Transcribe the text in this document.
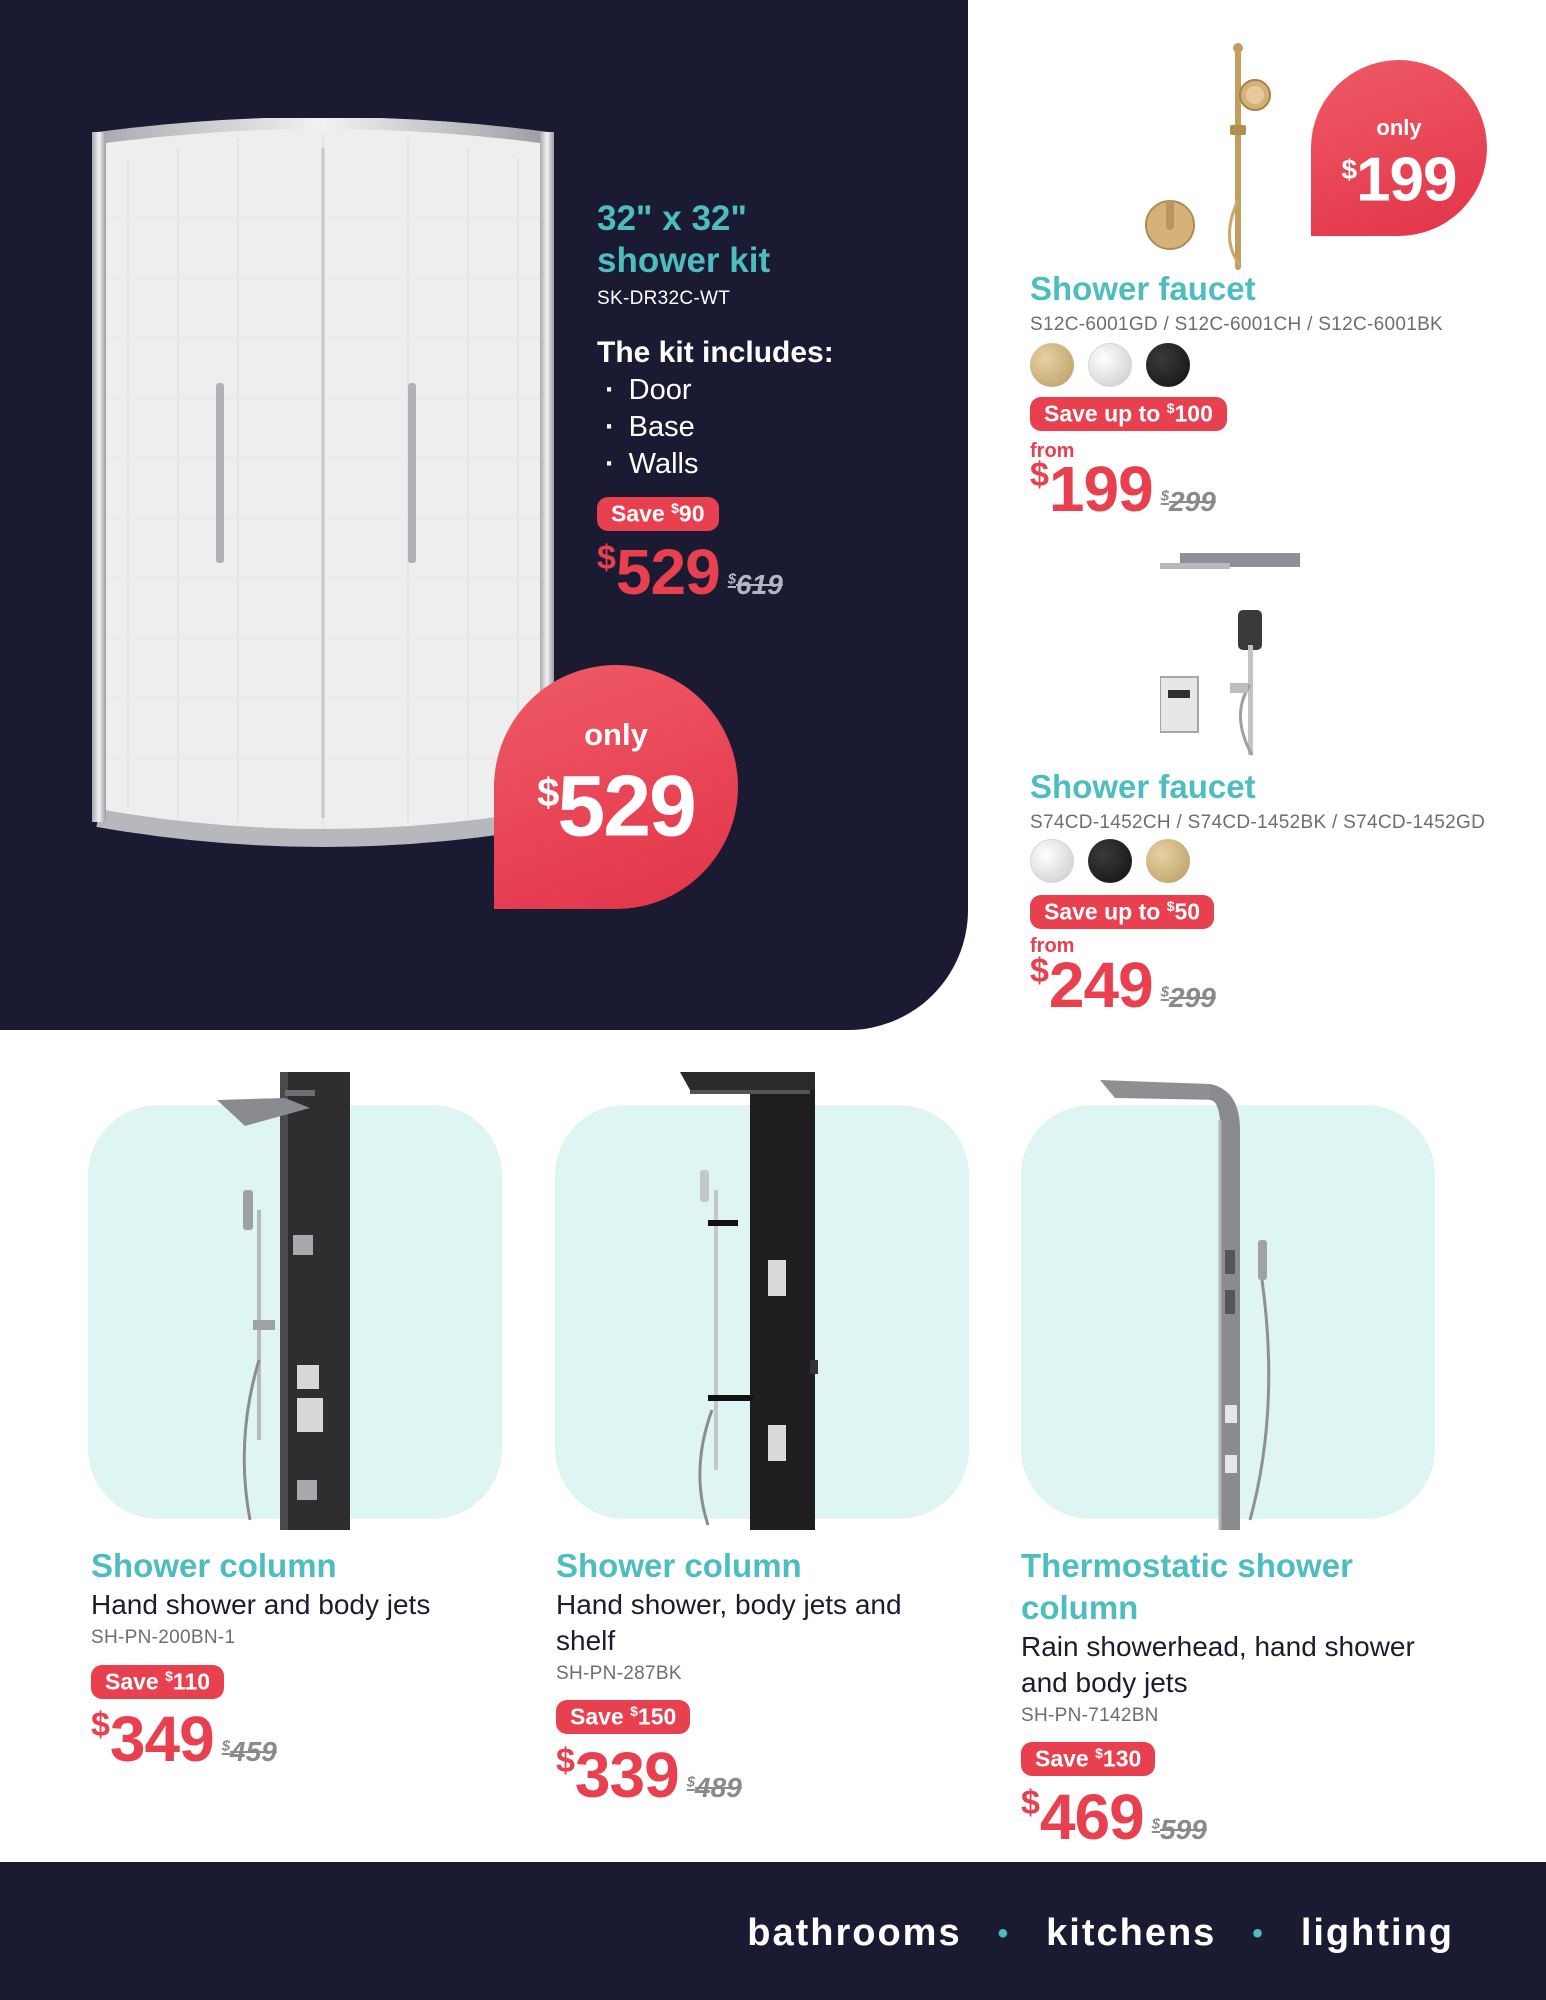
32" x 32"
shower kit
SK-DR32C-WT
The kit includes:
· Door
· Base
· Walls
Save $90
$529 $619
only
$529
only
$199
Shower faucet
S12C-6001GD / S12C-6001CH / S12C-6001BK
Save up to $100
from
$199 $299
Shower faucet
S74CD-1452CH / S74CD-1452BK / S74CD-1452GD
Save up to $50
from
$249 $299
Shower column
Hand shower and body jets
SH-PN-200BN-1
Save $110
$349 $459
Shower column
Hand shower, body jets and shelf
SH-PN-287BK
Save $150
$339 $489
Thermostatic shower column
Rain showerhead, hand shower and body jets
SH-PN-7142BN
Save $130
$469 $599
bathrooms • kitchens • lighting
